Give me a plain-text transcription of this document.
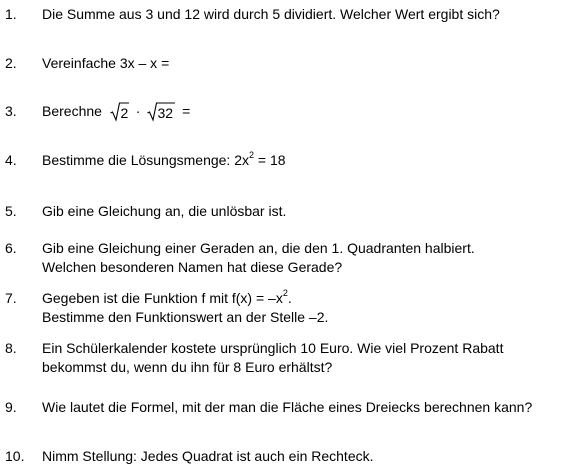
1. Die Summe aus 3 und 12 wird durch 5 dividiert. Welcher Wert ergibt sich?
2. Vereinfache 3x – x =
3. Berechne 2 · 32 =
4. Bestimme die Lösungsmenge: $2x^2 = 18$
5. Gib eine Gleichung an, die unlösbar ist.
6. Gib eine Gleichung einer Geraden an, die den 1. Quadranten halbiert.
Welchen besonderen Namen hat diese Gerade?
7. Gegeben ist die Funktion f mit $f(x) = -x^2$.
Bestimme den Funktionswert an der Stelle –2.
8. Ein Schülerkalender kostete ursprünglich 10 Euro. Wie viel Prozent Rabatt
bekommst du, wenn du ihn für 8 Euro erhältst?
9. Wie lautet die Formel, mit der man die Fläche eines Dreiecks berechnen kann?
10. Nimm Stellung: Jedes Quadrat ist auch ein Rechteck.
